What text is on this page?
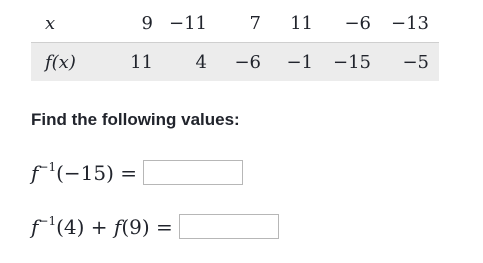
x	9	−11	7	11	−6	−13
f(x)	11	4	−6	−1	−15	−5
Find the following values:
$f^{-1}(-15)$ =
$f^{-1}(4) + f(9)$ =
